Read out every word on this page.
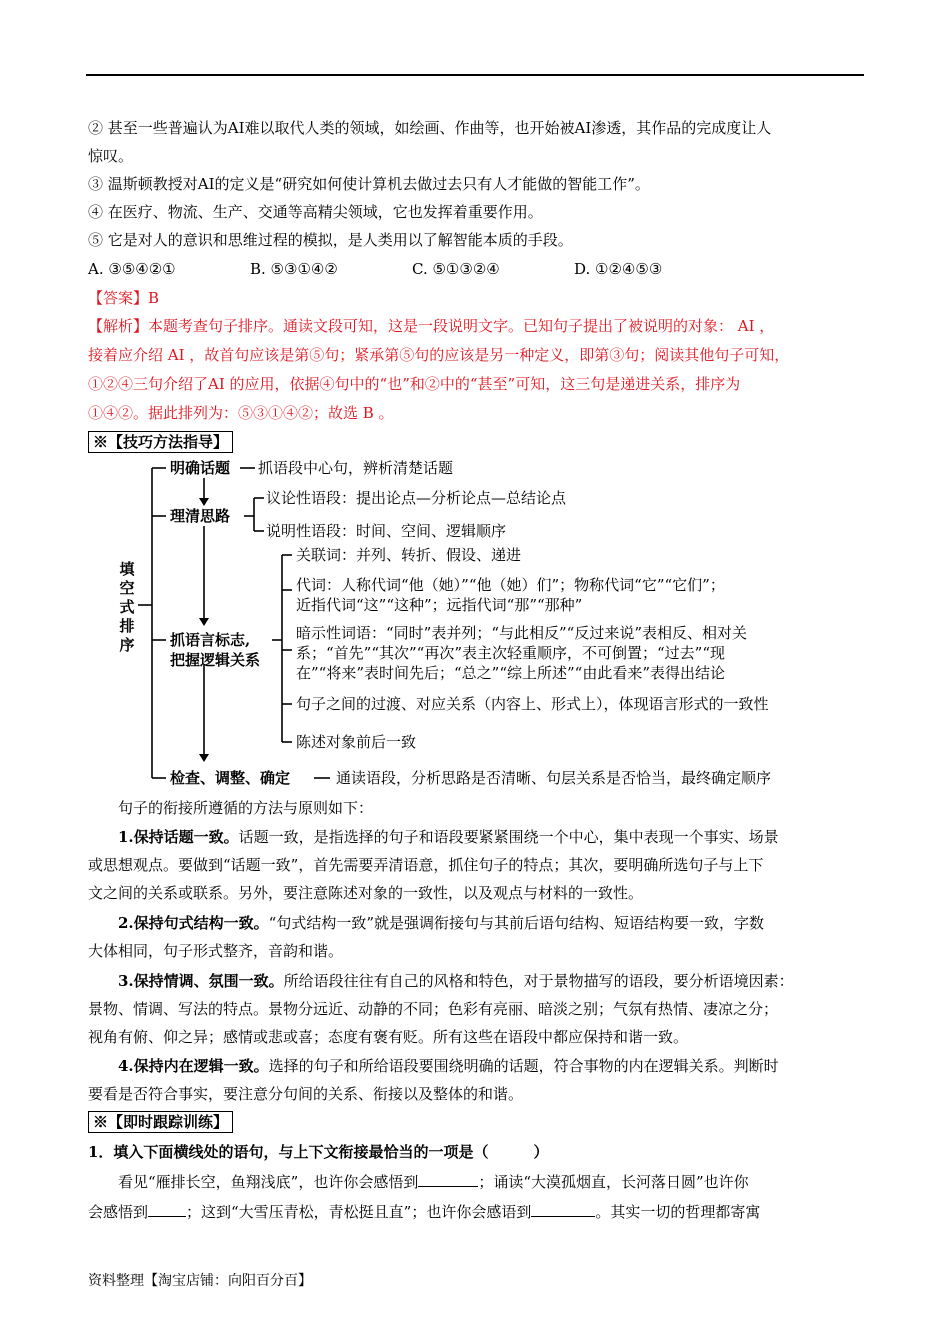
② 甚至一些普遍认为AI难以取代人类的领域，如绘画、作曲等，也开始被AI渗透，其作品的完成度让人
惊叹。
③ 温斯顿教授对AI的定义是“研究如何使计算机去做过去只有人才能做的智能工作”。
④ 在医疗、物流、生产、交通等高精尖领域，它也发挥着重要作用。
⑤ 它是对人的意识和思维过程的模拟，是人类用以了解智能本质的手段。
A. ③⑤④②①	B. ⑤③①④②	C. ⑤①③②④	D. ①②④⑤③
【答案】B
【解析】本题考查句子排序。通读文段可知，这是一段说明文字。已知句子提出了被说明的对象： AI ，
接着应介绍 AI ，故首句应该是第⑤句；紧承第⑤句的应该是另一种定义，即第③句；阅读其他句子可知，
①②④三句介绍了AI 的应用，依据④句中的“也”和②中的“甚至”可知，这三句是递进关系，排序为
①④②。据此排列为：⑤③①④②；故选 B 。
※【技巧方法指导】
填空式排序
明确话题 抓语段中心句，辨析清楚话题
理清思路
议论性语段：提出论点—分析论点—总结论点
说明性语段：时间、空间、逻辑顺序
抓语言标志,
把握逻辑关系
关联词：并列、转折、假设、递进
代词：人称代词“他（她）”“他（她）们”；物称代词“它”“它们”；
近指代词“这”“这种”；远指代词“那”“那种”
暗示性词语：“同时”表并列；“与此相反”“反过来说”表相反、相对关
系；“首先”“其次”“再次”表主次轻重顺序，不可倒置；“过去”“现
在”“将来”表时间先后；“总之”“综上所述”“由此看来”表得出结论
句子之间的过渡、对应关系（内容上、形式上），体现语言形式的一致性
陈述对象前后一致
检查、调整、确定	通读语段，分析思路是否清晰、句层关系是否恰当，最终确定顺序
句子的衔接所遵循的方法与原则如下：
1.保持话题一致。话题一致，是指选择的句子和语段要紧紧围绕一个中心，集中表现一个事实、场景
或思想观点。要做到“话题一致”，首先需要弄清语意，抓住句子的特点；其次，要明确所选句子与上下
文之间的关系或联系。另外，要注意陈述对象的一致性，以及观点与材料的一致性。
2.保持句式结构一致。“句式结构一致”就是强调衔接句与其前后语句结构、短语结构要一致，字数
大体相同，句子形式整齐，音韵和谐。
3.保持情调、氛围一致。所给语段往往有自己的风格和特色，对于景物描写的语段，要分析语境因素：
景物、情调、写法的特点。景物分远近、动静的不同；色彩有亮丽、暗淡之别；气氛有热情、凄凉之分；
视角有俯、仰之异；感情或悲或喜；态度有褒有贬。所有这些在语段中都应保持和谐一致。
4.保持内在逻辑一致。选择的句子和所给语段要围绕明确的话题，符合事物的内在逻辑关系。判断时
要看是否符合事实，要注意分句间的关系、衔接以及整体的和谐。
※【即时跟踪训练】
1．填入下面横线处的语句，与上下文衔接最恰当的一项是（　　　）
看见“雁排长空，鱼翔浅底”，也许你会感悟到	；诵读“大漠孤烟直，长河落日圆”也许你
会感悟到	；这到“大雪压青松，青松挺且直”；也许你会感语到	。其实一切的哲理都寄寓
资料整理【淘宝店铺：向阳百分百】
